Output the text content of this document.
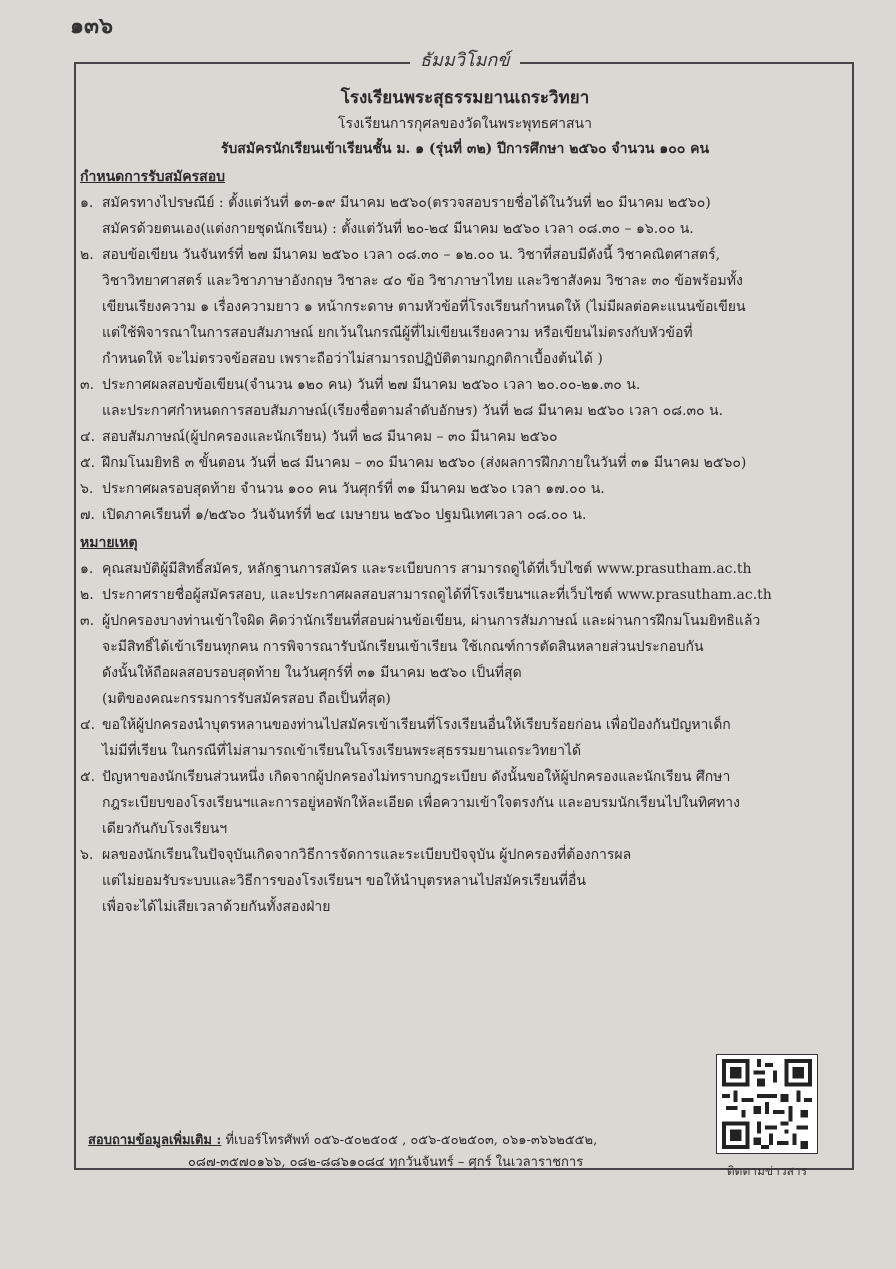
๑๓๖
ธัมมวิโมกข์
โรงเรียนพระสุธรรมยานเถระวิทยา
โรงเรียนการกุศลของวัดในพระพุทธศาสนา
รับสมัครนักเรียนเข้าเรียนชั้น ม. ๑ (รุ่นที่ ๓๒) ปีการศึกษา ๒๕๖๐ จำนวน ๑๐๐ คน
กำหนดการรับสมัครสอบ
๑. สมัครทางไปรษณีย์ : ตั้งแต่วันที่ ๑๓-๑๙ มีนาคม ๒๕๖๐(ตรวจสอบรายชื่อได้ในวันที่ ๒๐ มีนาคม ๒๕๖๐)
สมัครด้วยตนเอง(แต่งกายชุดนักเรียน) : ตั้งแต่วันที่ ๒๐-๒๔ มีนาคม ๒๕๖๐ เวลา ๐๘.๓๐ – ๑๖.๐๐ น.
๒. สอบข้อเขียน วันจันทร์ที่ ๒๗ มีนาคม ๒๕๖๐ เวลา ๐๘.๓๐ – ๑๒.๐๐ น. วิชาที่สอบมีดังนี้ วิชาคณิตศาสตร์,
วิชาวิทยาศาสตร์ และวิชาภาษาอังกฤษ วิชาละ ๔๐ ข้อ วิชาภาษาไทย และวิชาสังคม วิชาละ ๓๐ ข้อพร้อมทั้ง
เขียนเรียงความ ๑ เรื่องความยาว ๑ หน้ากระดาษ ตามหัวข้อที่โรงเรียนกำหนดให้ (ไม่มีผลต่อคะแนนข้อเขียน
แต่ใช้พิจารณาในการสอบสัมภาษณ์ ยกเว้นในกรณีผู้ที่ไม่เขียนเรียงความ หรือเขียนไม่ตรงกับหัวข้อที่
กำหนดให้ จะไม่ตรวจข้อสอบ เพราะถือว่าไม่สามารถปฏิบัติตามกฎกติกาเบื้องต้นได้ )
๓. ประกาศผลสอบข้อเขียน(จำนวน ๑๒๐ คน) วันที่ ๒๗ มีนาคม ๒๕๖๐ เวลา ๒๐.๐๐-๒๑.๓๐ น.
และประกาศกำหนดการสอบสัมภาษณ์(เรียงชื่อตามลำดับอักษร) วันที่ ๒๘ มีนาคม ๒๕๖๐ เวลา ๐๘.๓๐ น.
๔. สอบสัมภาษณ์(ผู้ปกครองและนักเรียน) วันที่ ๒๘ มีนาคม – ๓๐ มีนาคม ๒๕๖๐
๕. ฝึกมโนมยิทธิ ๓ ขั้นตอน วันที่ ๒๘ มีนาคม – ๓๐ มีนาคม ๒๕๖๐ (ส่งผลการฝึกภายในวันที่ ๓๑ มีนาคม ๒๕๖๐)
๖. ประกาศผลรอบสุดท้าย จำนวน ๑๐๐ คน วันศุกร์ที่ ๓๑ มีนาคม ๒๕๖๐ เวลา ๑๗.๐๐ น.
๗. เปิดภาคเรียนที่ ๑/๒๕๖๐ วันจันทร์ที่ ๒๔ เมษายน ๒๕๖๐ ปฐมนิเทศเวลา ๐๘.๐๐ น.
หมายเหตุ
๑. คุณสมบัติผู้มีสิทธิ์สมัคร, หลักฐานการสมัคร และระเบียบการ สามารถดูได้ที่เว็บไซต์ www.prasutham.ac.th
๒. ประกาศรายชื่อผู้สมัครสอบ, และประกาศผลสอบสามารถดูได้ที่โรงเรียนฯและที่เว็บไซต์ www.prasutham.ac.th
๓. ผู้ปกครองบางท่านเข้าใจผิด คิดว่านักเรียนที่สอบผ่านข้อเขียน, ผ่านการสัมภาษณ์ และผ่านการฝึกมโนมยิทธิแล้ว
จะมีสิทธิ์ได้เข้าเรียนทุกคน การพิจารณารับนักเรียนเข้าเรียน ใช้เกณฑ์การตัดสินหลายส่วนประกอบกัน
ดังนั้นให้ถือผลสอบรอบสุดท้าย ในวันศุกร์ที่ ๓๑ มีนาคม ๒๕๖๐ เป็นที่สุด
(มติของคณะกรรมการรับสมัครสอบ ถือเป็นที่สุด)
๔. ขอให้ผู้ปกครองนำบุตรหลานของท่านไปสมัครเข้าเรียนที่โรงเรียนอื่นให้เรียบร้อยก่อน เพื่อป้องกันปัญหาเด็ก
ไม่มีที่เรียน ในกรณีที่ไม่สามารถเข้าเรียนในโรงเรียนพระสุธรรมยานเถระวิทยาได้
๕. ปัญหาของนักเรียนส่วนหนึ่ง เกิดจากผู้ปกครองไม่ทราบกฎระเบียบ ดังนั้นขอให้ผู้ปกครองและนักเรียน ศึกษา
กฎระเบียบของโรงเรียนฯและการอยู่หอพักให้ละเอียด เพื่อความเข้าใจตรงกัน และอบรมนักเรียนไปในทิศทาง
เดียวกันกับโรงเรียนฯ
๖. ผลของนักเรียนในปัจจุบันเกิดจากวิธีการจัดการและระเบียบปัจจุบัน ผู้ปกครองที่ต้องการผล
แต่ไม่ยอมรับระบบและวิธีการของโรงเรียนฯ ขอให้นำบุตรหลานไปสมัครเรียนที่อื่น
เพื่อจะได้ไม่เสียเวลาด้วยกันทั้งสองฝ่าย
สอบถามข้อมูลเพิ่มเติม : ที่เบอร์โทรศัพท์ ๐๕๖-๕๐๒๕๐๕ , ๐๕๖-๕๐๒๕๐๓, ๐๖๑-๓๖๖๒๕๕๒,
๐๘๗-๓๕๗๐๑๖๖, ๐๘๒-๘๘๖๑๐๘๔ ทุกวันจันทร์ – ศุกร์ ในเวลาราชการ
ติดตามข่าวสาร
